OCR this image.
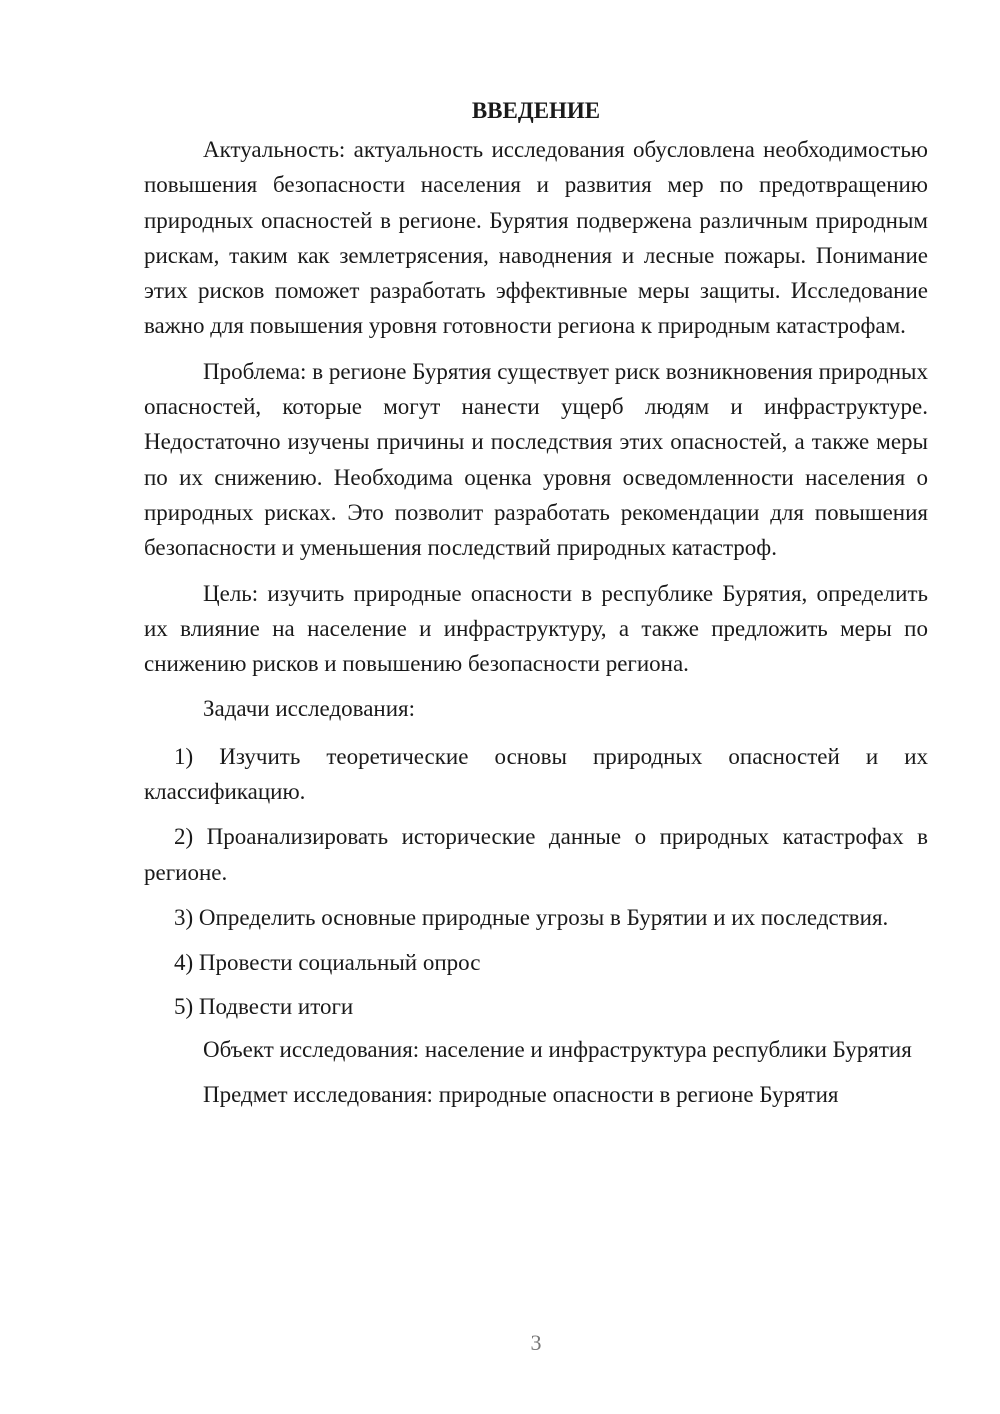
ВВЕДЕНИЕ

Актуальность: актуальность исследования обусловлена необходимостью повышения безопасности населения и развития мер по предотвращению природных опасностей в регионе. Бурятия подвержена различным природным рискам, таким как землетрясения, наводнения и лесные пожары. Понимание этих рисков поможет разработать эффективные меры защиты. Исследование важно для повышения уровня готовности региона к природным катастрофам.

Проблема: в регионе Бурятия существует риск возникновения природных опасностей, которые могут нанести ущерб людям и инфраструктуре. Недостаточно изучены причины и последствия этих опасностей, а также меры по их снижению. Необходима оценка уровня осведомленности населения о природных рисках. Это позволит разработать рекомендации для повышения безопасности и уменьшения последствий природных катастроф.

Цель: изучить природные опасности в республике Бурятия, определить их влияние на население и инфраструктуру, а также предложить меры по снижению рисков и повышению безопасности региона.

Задачи исследования:

1) Изучить теоретические основы природных опасностей и их классификацию.

2) Проанализировать исторические данные о природных катастрофах в регионе.

3) Определить основные природные угрозы в Бурятии и их последствия.

4) Провести социальный опрос

5) Подвести итоги

Объект исследования: население и инфраструктура республики Бурятия

Предмет исследования: природные опасности в регионе Бурятия

3
